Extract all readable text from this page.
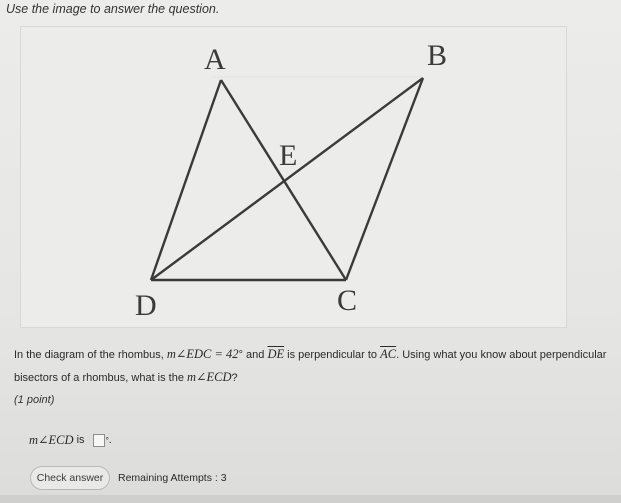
Use the image to answer the question.
A	B
E
D	C
In the diagram of the rhombus, m∠EDC = 42° and $\overline{DE}$ is perpendicular to $\overline{AC}$. Using what you know about perpendicular
bisectors of a rhombus, what is the m∠ECD?
(1 point)
m∠ECD is ° .
Check answer	Remaining Attempts : 3
